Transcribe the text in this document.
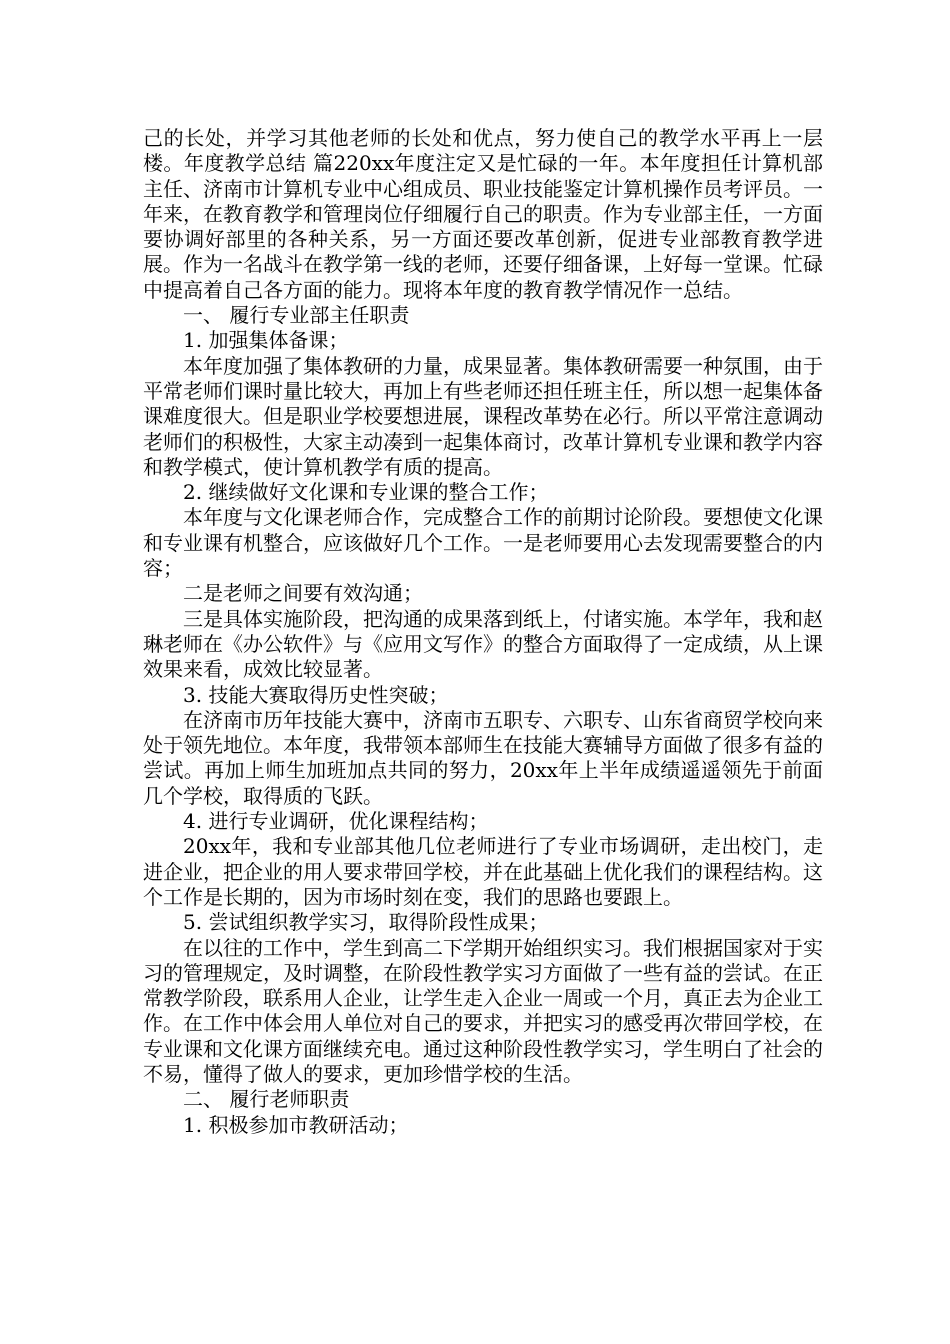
己的长处，并学习其他老师的长处和优点，努力使自己的教学水平再上一层楼。年度教学总结 篇220xx年度注定又是忙碌的一年。本年度担任计算机部主任、济南市计算机专业中心组成员、职业技能鉴定计算机操作员考评员。一年来，在教育教学和管理岗位仔细履行自己的职责。作为专业部主任，一方面要协调好部里的各种关系，另一方面还要改革创新，促进专业部教育教学进展。作为一名战斗在教学第一线的老师，还要仔细备课，上好每一堂课。忙碌中提高着自己各方面的能力。现将本年度的教育教学情况作一总结。

一、 履行专业部主任职责

1. 加强集体备课；

本年度加强了集体教研的力量，成果显著。集体教研需要一种氛围，由于平常老师们课时量比较大，再加上有些老师还担任班主任，所以想一起集体备课难度很大。但是职业学校要想进展，课程改革势在必行。所以平常注意调动老师们的积极性，大家主动凑到一起集体商讨，改革计算机专业课和教学内容和教学模式，使计算机教学有质的提高。

2. 继续做好文化课和专业课的整合工作；

本年度与文化课老师合作，完成整合工作的前期讨论阶段。要想使文化课和专业课有机整合，应该做好几个工作。一是老师要用心去发现需要整合的内容；

二是老师之间要有效沟通；

三是具体实施阶段，把沟通的成果落到纸上，付诸实施。本学年，我和赵琳老师在《办公软件》与《应用文写作》的整合方面取得了一定成绩，从上课效果来看，成效比较显著。

3. 技能大赛取得历史性突破；

在济南市历年技能大赛中，济南市五职专、六职专、山东省商贸学校向来处于领先地位。本年度，我带领本部师生在技能大赛辅导方面做了很多有益的尝试。再加上师生加班加点共同的努力，20xx年上半年成绩遥遥领先于前面几个学校，取得质的飞跃。

4. 进行专业调研，优化课程结构；

20xx年，我和专业部其他几位老师进行了专业市场调研，走出校门，走进企业，把企业的用人要求带回学校，并在此基础上优化我们的课程结构。这个工作是长期的，因为市场时刻在变，我们的思路也要跟上。

5. 尝试组织教学实习，取得阶段性成果；

在以往的工作中，学生到高二下学期开始组织实习。我们根据国家对于实习的管理规定，及时调整，在阶段性教学实习方面做了一些有益的尝试。在正常教学阶段，联系用人企业，让学生走入企业一周或一个月，真正去为企业工作。在工作中体会用人单位对自己的要求，并把实习的感受再次带回学校，在专业课和文化课方面继续充电。通过这种阶段性教学实习，学生明白了社会的不易，懂得了做人的要求，更加珍惜学校的生活。

二、 履行老师职责

1. 积极参加市教研活动；
